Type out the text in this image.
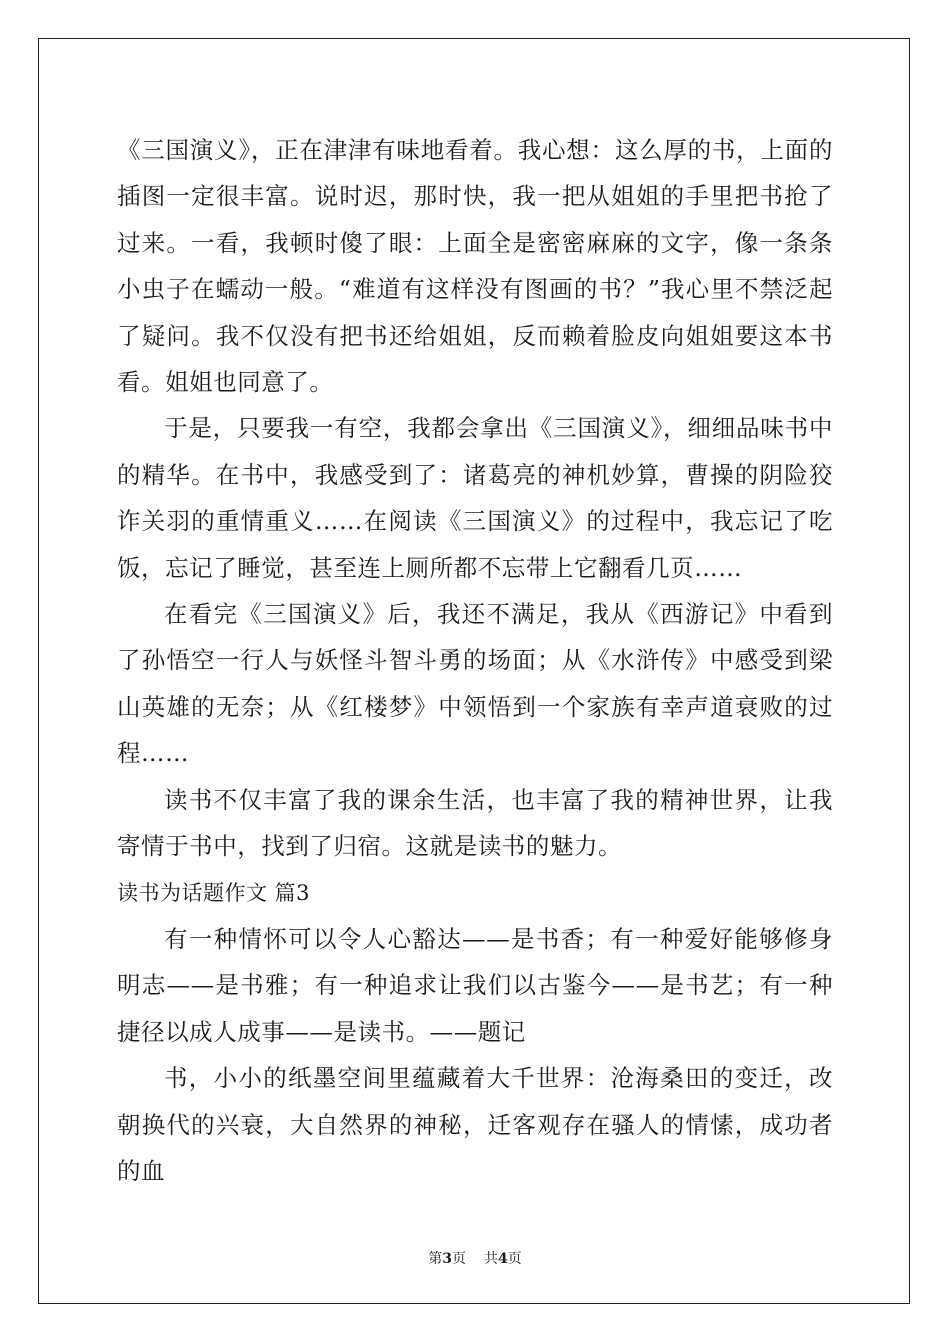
《三国演义》，正在津津有味地看着。我心想：这么厚的书，上面的插图一定很丰富。说时迟，那时快，我一把从姐姐的手里把书抢了过来。一看，我顿时傻了眼：上面全是密密麻麻的文字，像一条条小虫子在蠕动一般。“难道有这样没有图画的书？”我心里不禁泛起了疑问。我不仅没有把书还给姐姐，反而赖着脸皮向姐姐要这本书看。姐姐也同意了。

于是，只要我一有空，我都会拿出《三国演义》，细细品味书中的精华。在书中，我感受到了：诸葛亮的神机妙算，曹操的阴险狡诈关羽的重情重义……在阅读《三国演义》的过程中，我忘记了吃饭，忘记了睡觉，甚至连上厕所都不忘带上它翻看几页……

在看完《三国演义》后，我还不满足，我从《西游记》中看到了孙悟空一行人与妖怪斗智斗勇的场面；从《水浒传》中感受到梁山英雄的无奈；从《红楼梦》中领悟到一个家族有幸声道衰败的过程……

读书不仅丰富了我的课余生活，也丰富了我的精神世界，让我寄情于书中，找到了归宿。这就是读书的魅力。

读书为话题作文 篇3

有一种情怀可以令人心豁达——是书香；有一种爱好能够修身明志——是书雅；有一种追求让我们以古鉴今——是书艺；有一种捷径以成人成事——是读书。——题记

书，小小的纸墨空间里蕴藏着大千世界：沧海桑田的变迁，改朝换代的兴衰，大自然界的神秘，迁客观存在骚人的情愫，成功者的血

第3页 共4页
